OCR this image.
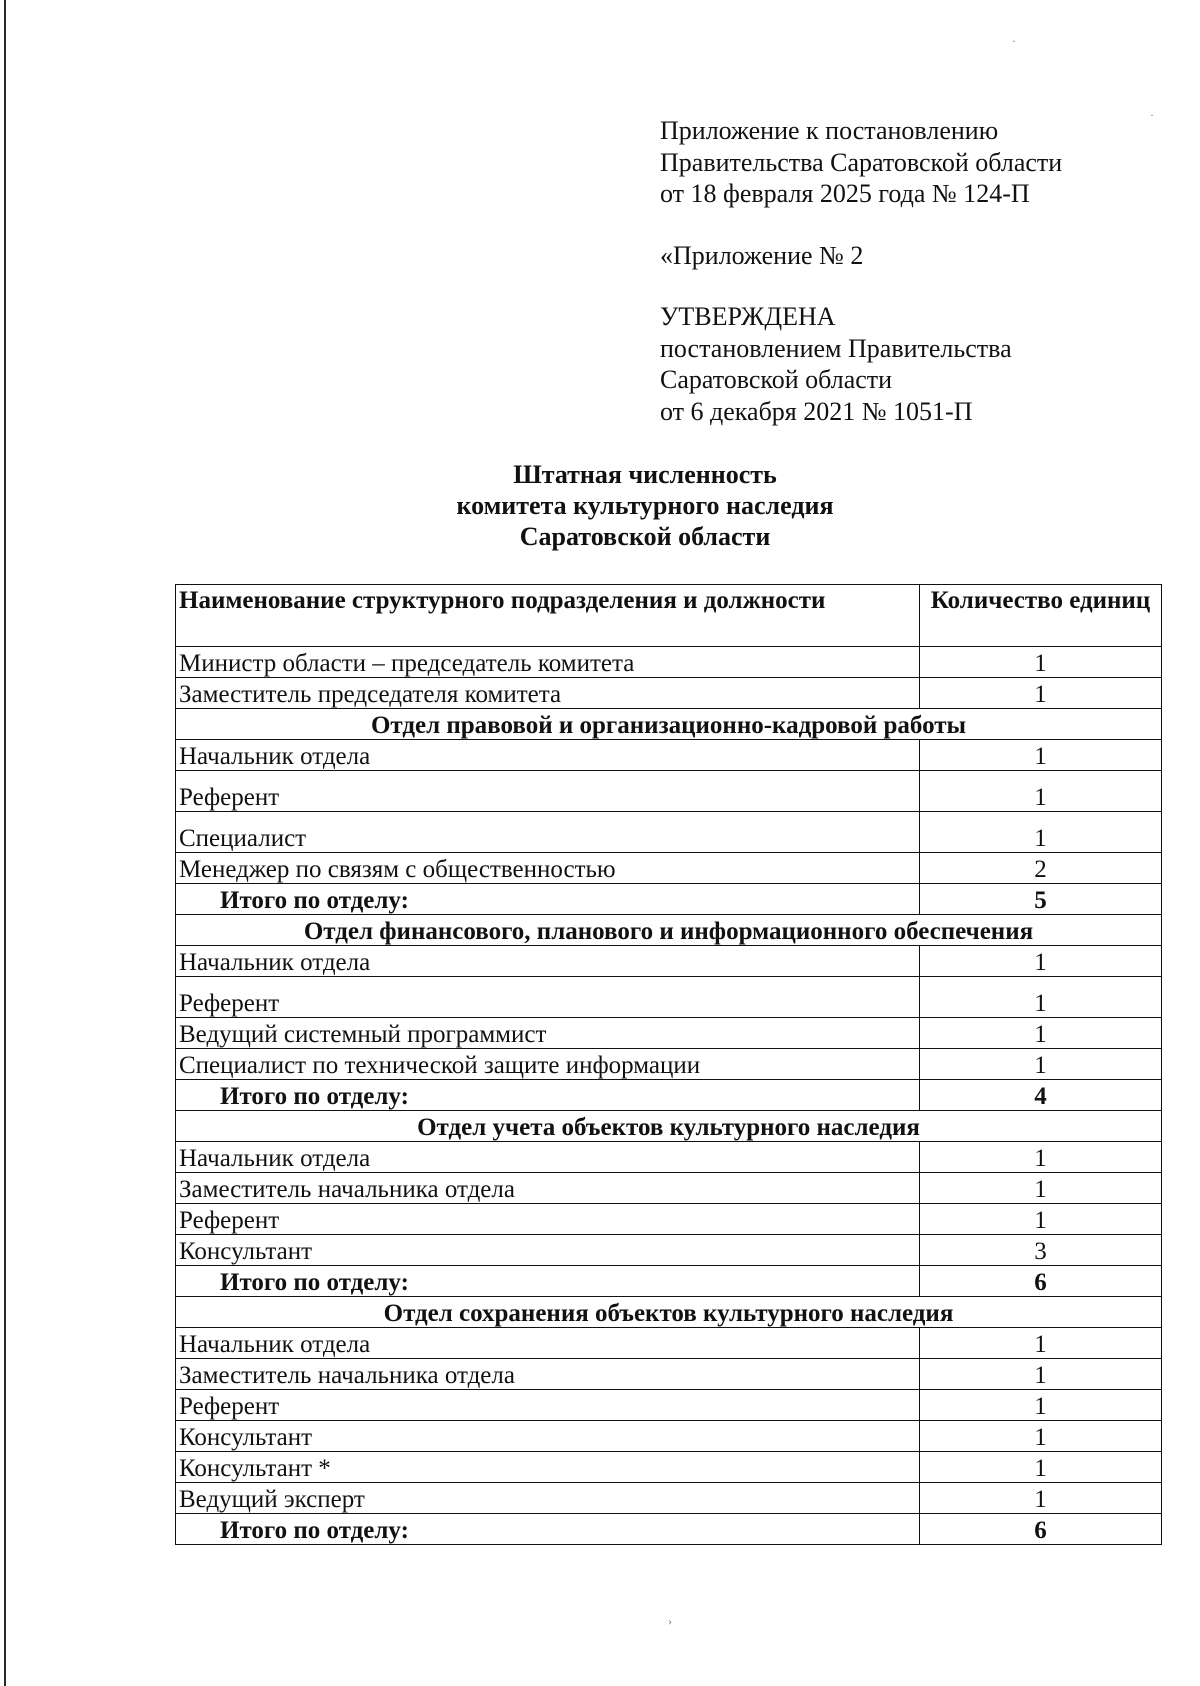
Приложение к постановлению
Правительства Саратовской области
от 18 февраля 2025 года № 124-П
«Приложение № 2
УТВЕРЖДЕНА
постановлением Правительства
Саратовской области
от 6 декабря 2021 № 1051-П
Штатная численность
комитета культурного наследия
Саратовской области
Наименование структурного подразделения и должности	Количество единиц
Министр области – председатель комитета	1
Заместитель председателя комитета	1
Отдел правовой и организационно-кадровой работы	
Начальник отдела	1
Референт	1
Специалист	1
Менеджер по связям с общественностью	2
Итого по отделу:	5
Отдел финансового, планового и информационного обеспечения	
Начальник отдела	1
Референт	1
Ведущий системный программист	1
Специалист по технической защите информации	1
Итого по отделу:	4
Отдел учета объектов культурного наследия	
Начальник отдела	1
Заместитель начальника отдела	1
Референт	1
Консультант	3
Итого по отделу:	6
Отдел сохранения объектов культурного наследия	
Начальник отдела	1
Заместитель начальника отдела	1
Референт	1
Консультант	1
Консультант *	1
Ведущий эксперт	1
Итого по отделу:	6
·
·
›
